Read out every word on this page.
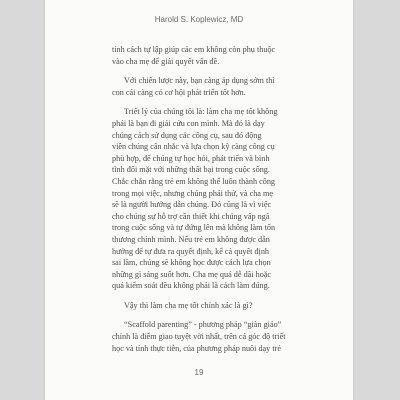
Harold S. Koplewicz, MD
tính cách tự lập giúp các em không còn phụ thuộc
vào cha mẹ để giải quyết vấn đề.
Với chiến lược này, bạn càng áp dụng sớm thì
con cái càng có cơ hội phát triển tốt hơn.
Triết lý của chúng tôi là: làm cha mẹ tốt không
phải là bạn đi giải cứu con mình. Mà đó là dạy
chúng cách sử dụng các công cụ, sau đó động
viên chúng cân nhắc và lựa chọn kỹ càng công cụ
phù hợp, để chúng tự học hỏi, phát triển và bình
tĩnh đối mặt với những thất bại trong cuộc sống.
Chắc chắn rằng trẻ em không thể luôn thành công
trong mọi việc, nhưng chúng phải thử, và cha mẹ
sẽ là người hướng dẫn chúng. Đó cũng là vì việc
cho chúng sự hỗ trợ cần thiết khi chúng vấp ngã
trong cuộc sống và tự đứng lên mà không làm tổn
thương chính mình. Nếu trẻ em không được dẫn
hướng để tự đưa ra quyết định, kể cả quyết định
sai lầm, chúng sẽ không học được cách lựa chọn
những gì sáng suốt hơn. Cha mẹ quá dễ dãi hoặc
quá kiểm soát đều không phải là cách làm đúng.
Vậy thì làm cha mẹ tốt chính xác là gì?
“Scaffold parenting” - phương pháp “giàn giáo”
chính là điểm giao tuyệt vời nhất, trên cả góc độ triết
học và tính thực tiễn, của phương pháp nuôi dạy trẻ
19
